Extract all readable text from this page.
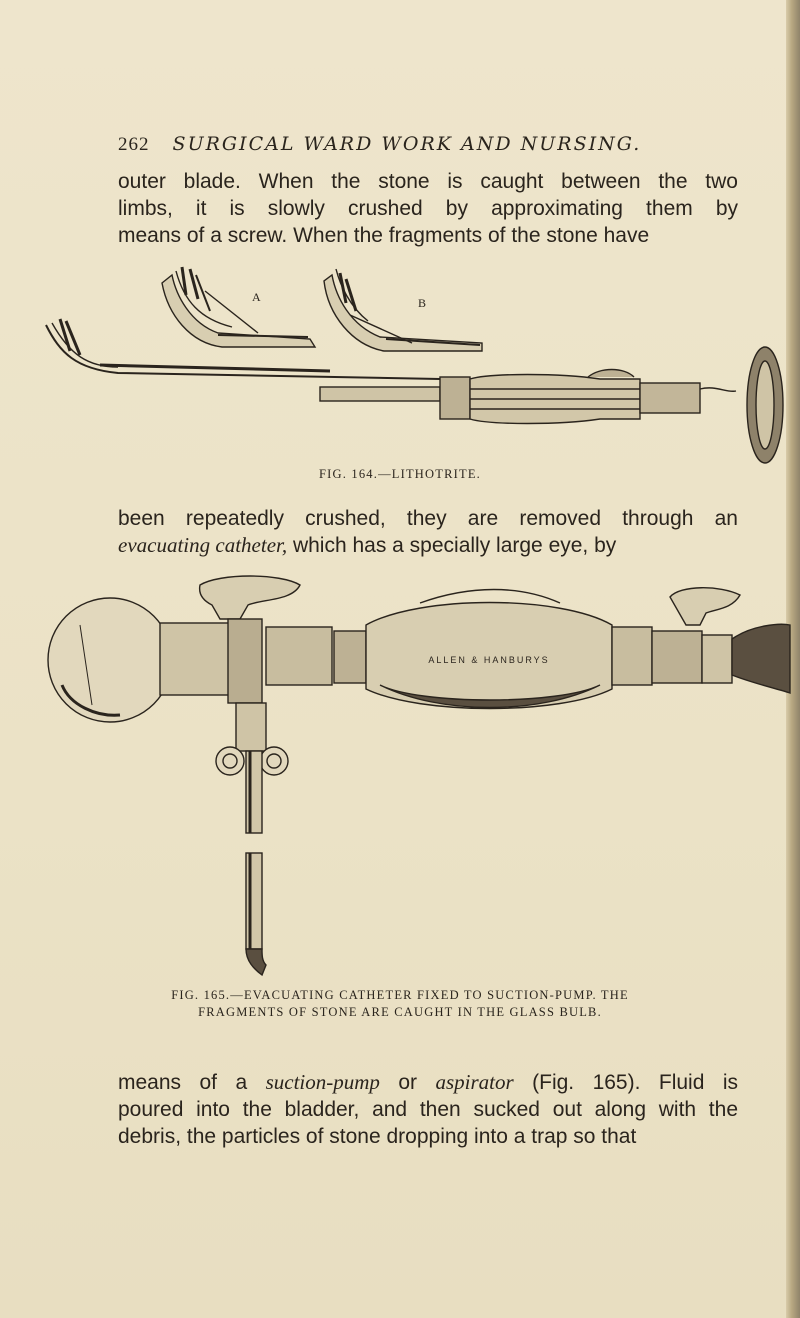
262 SURGICAL WARD WORK AND NURSING.
outer blade. When the stone is caught between the two
limbs, it is slowly crushed by approximating them by
means of a screw. When the fragments of the stone have
A	B
FIG. 164.—LITHOTRITE.
been repeatedly crushed, they are removed through an
evacuating catheter, which has a specially large eye, by
ALLEN & HANBURYS
FIG. 165.—EVACUATING CATHETER FIXED TO SUCTION-PUMP. THE
FRAGMENTS OF STONE ARE CAUGHT IN THE GLASS BULB.
means of a suction-pump or aspirator (Fig. 165). Fluid is
poured into the bladder, and then sucked out along with the
debris, the particles of stone dropping into a trap so that
